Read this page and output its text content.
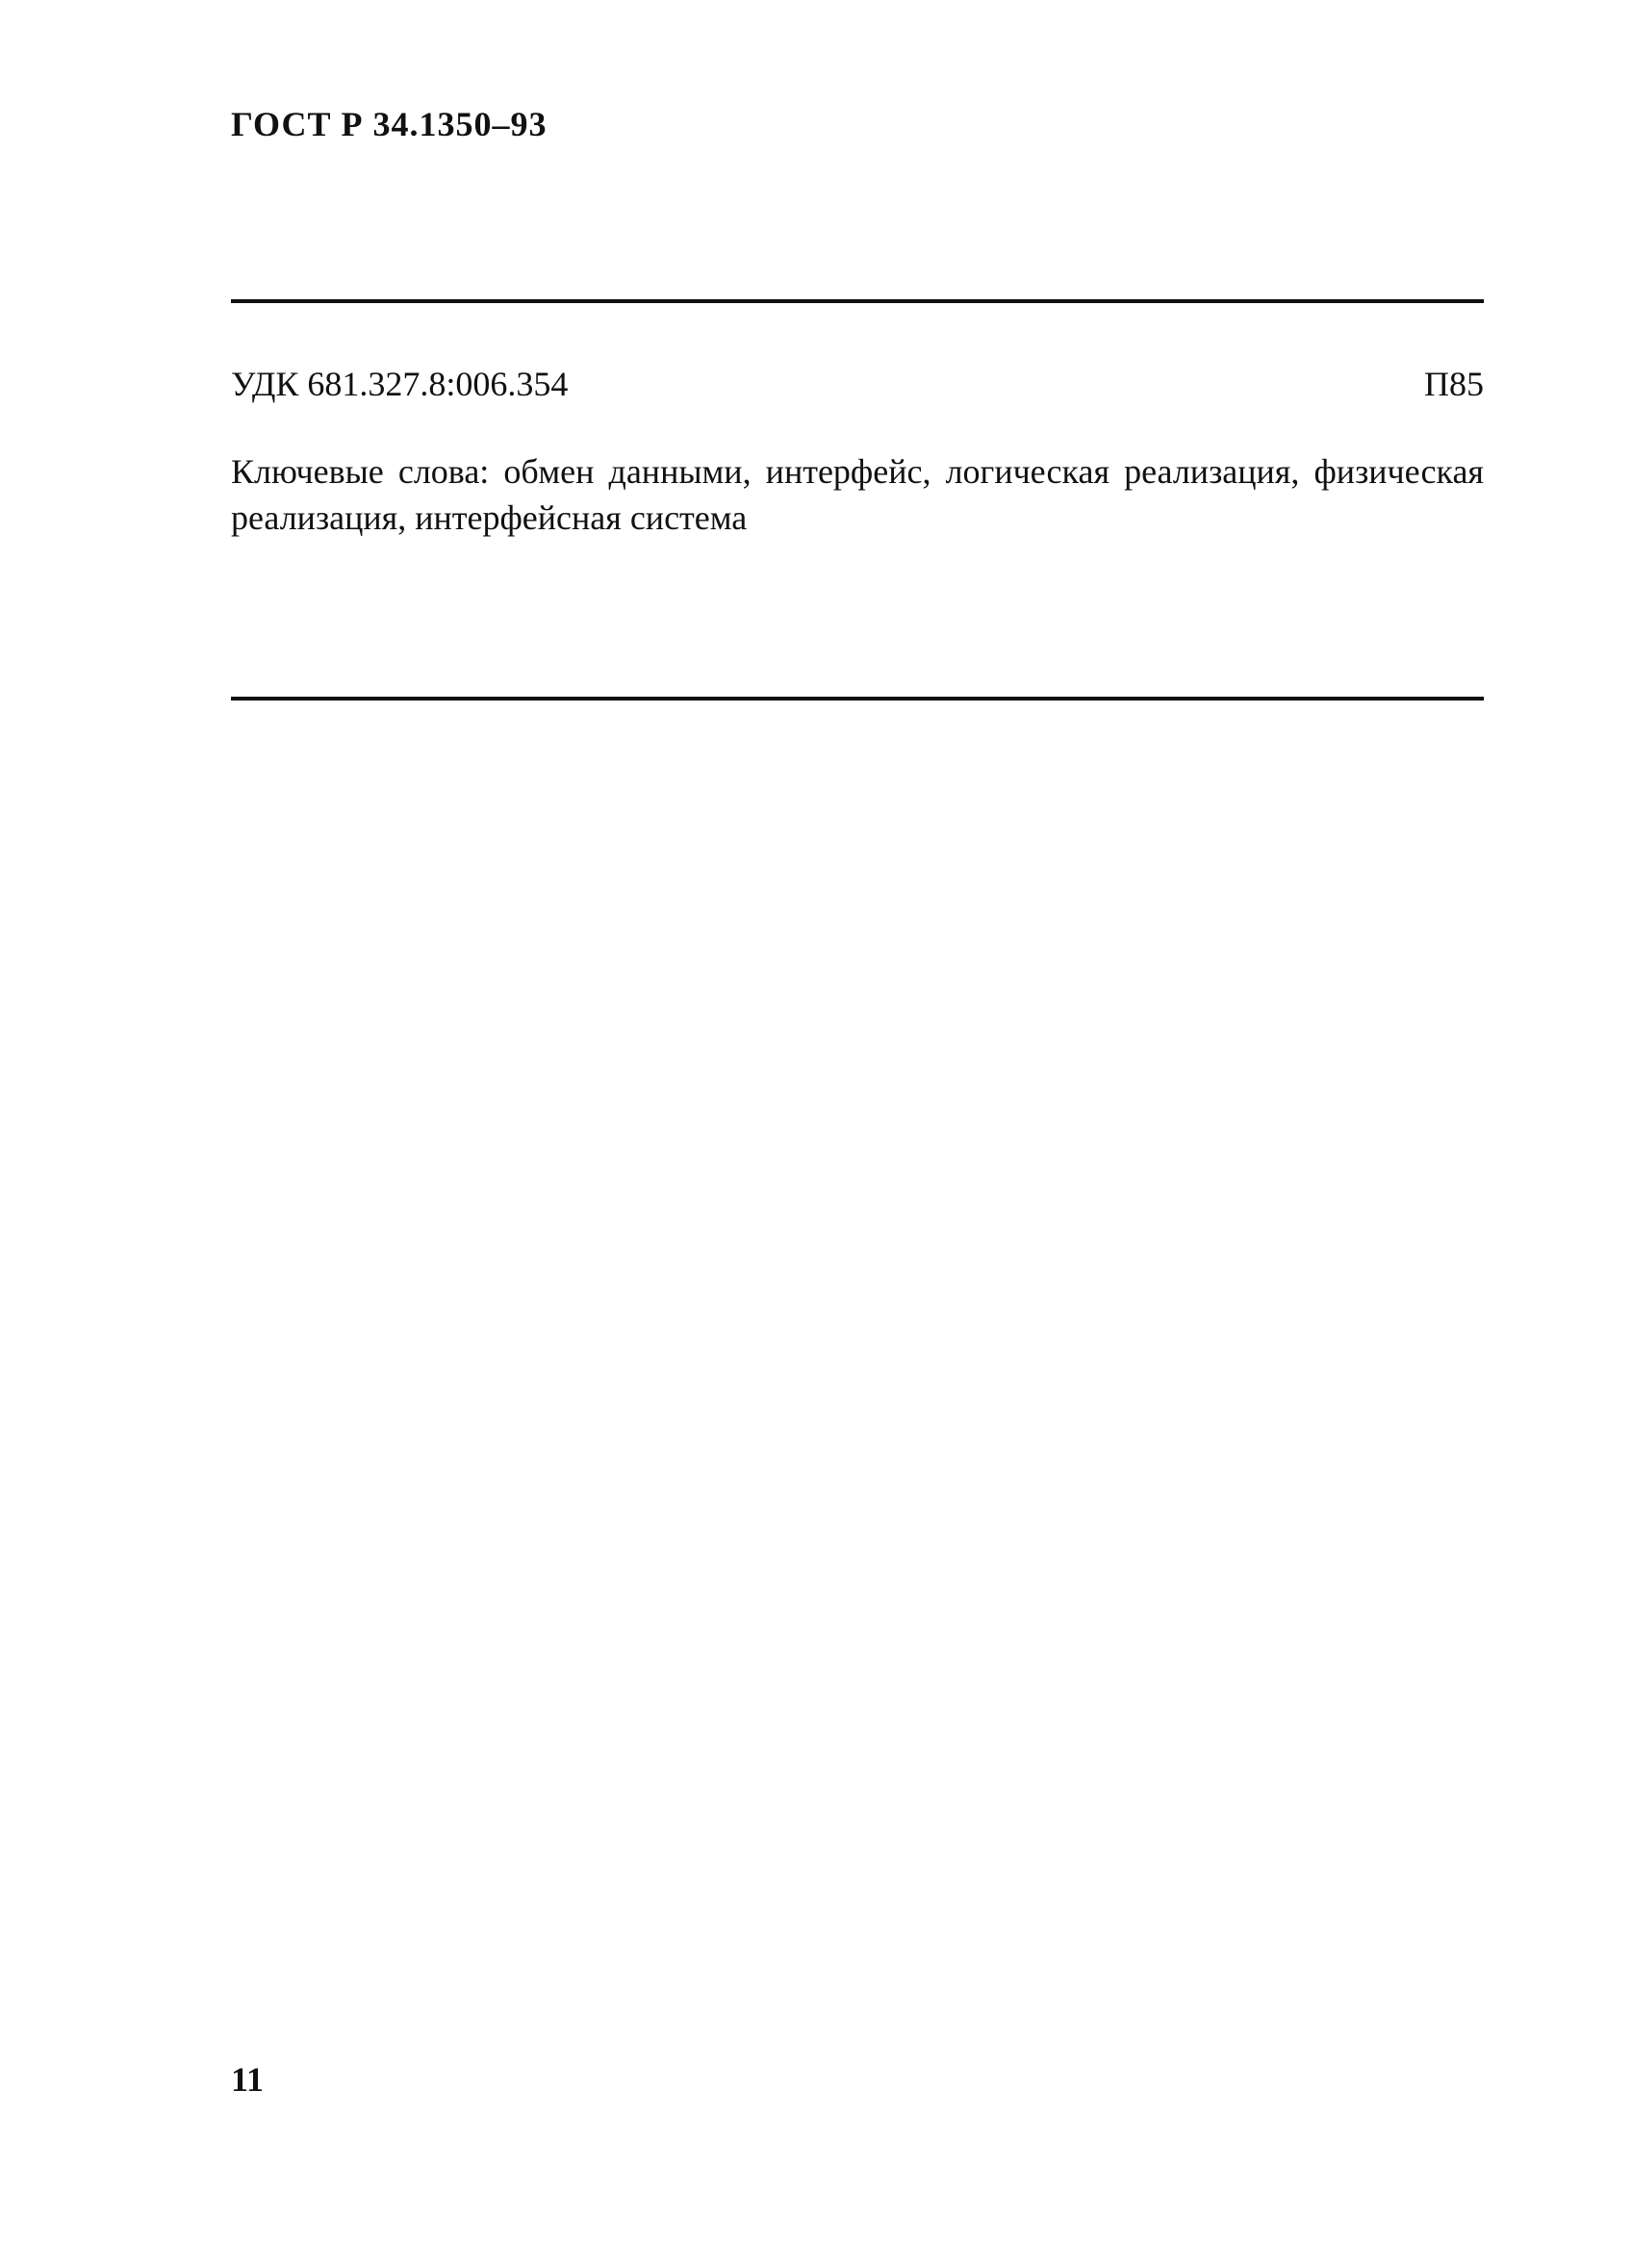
ГОСТ Р 34.1350–93
УДК 681.327.8:006.354	П85

Ключевые слова: обмен данными, интерфейс, логическая реализация, физическая реализация, интерфейсная система

11
